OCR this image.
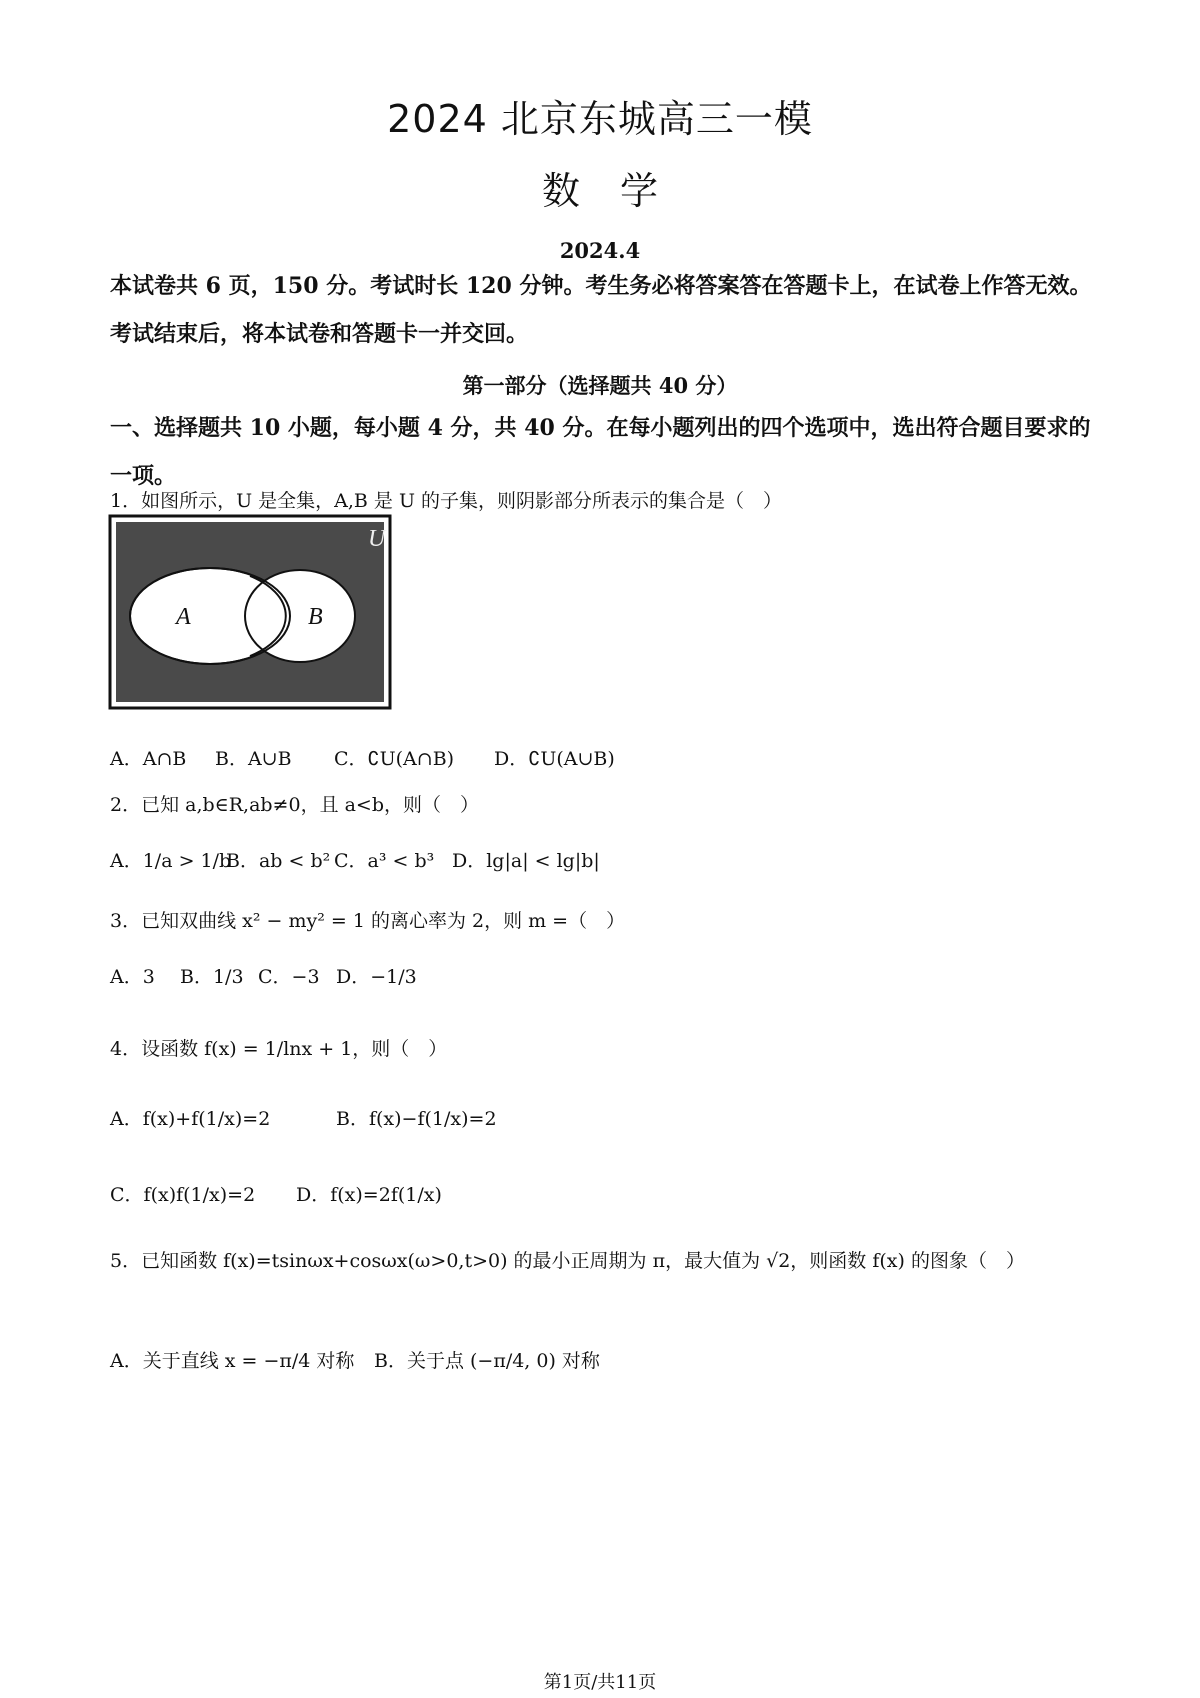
2024 北京东城高三一模
数学
2024.4
本试卷共 6 页，150 分。考试时长 120 分钟。考生务必将答案答在答题卡上，在试卷上作答无效。考试结束后，将本试卷和答题卡一并交回。
第一部分（选择题共 40 分）
一、选择题共 10 小题，每小题 4 分，共 40 分。在每小题列出的四个选项中，选出符合题目要求的一项。
1．如图所示，U 是全集，A,B 是 U 的子集，则阴影部分所表示的集合是（　）
U
A	B
A．A∩B B．A∪B C．∁U(A∩B) D．∁U(A∪B)
2．已知 a,b∈R,ab≠0，且 a<b，则（　）
A．1/a > 1/b
B．ab < b² C．a³ < b³ D．lg|a| < lg|b|
3．已知双曲线 x² − my² = 1 的离心率为 2，则 m =（　）
A．3 B．1/3 C．−3 D．−1/3
4．设函数 f(x) = 1/lnx + 1，则（　）
A．f(x)+f(1/x)=2	B．f(x)−f(1/x)=2
C．f(x)f(1/x)=2 D．f(x)=2f(1/x)
5．已知函数 f(x)=tsinωx+cosωx(ω>0,t>0) 的最小正周期为 π，最大值为 √2，则函数 f(x) 的图象（　）
A．关于直线 x = −π/4 对称 B．关于点 (−π/4, 0) 对称
第1页/共11页
